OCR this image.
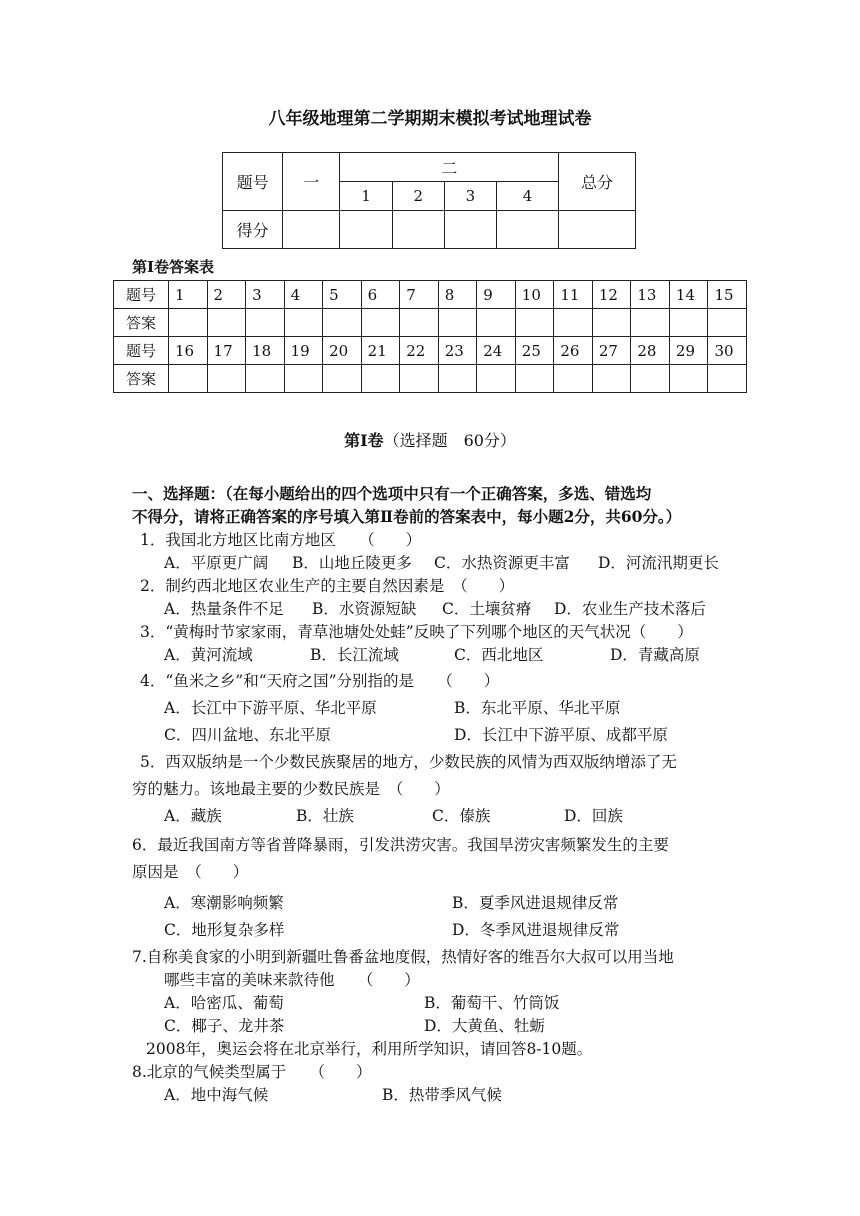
八年级地理第二学期期末模拟考试地理试卷
题号	一	二				总分
		1	2	3	4	
得分						
第Ⅰ卷答案表
题号	1	2	3	4	5	6	7	8	9	10	11	12	13	14	15
答案															
题号	16	17	18	19	20	21	22	23	24	25	26	27	28	29	30
答案															
第Ⅰ卷（选择题　60分）
一、选择题：（在每小题给出的四个选项中只有一个正确答案，多选、错选均
不得分，请将正确答案的序号填入第Ⅱ卷前的答案表中，每小题2分，共60分。）
1．我国北方地区比南方地区　　（　　）
A．平原更广阔 B．山地丘陵更多 C．水热资源更丰富 D．河流汛期更长
2．制约西北地区农业生产的主要自然因素是　（　　）
A．热量条件不足 B．水资源短缺 C．土壤贫瘠 D．农业生产技术落后
3．“黄梅时节家家雨，青草池塘处处蛙”反映了下列哪个地区的天气状况（　　）
A．黄河流域	B．长江流域	C．西北地区	D．青藏高原
4．“鱼米之乡”和“天府之国”分别指的是　　（　　）
A．长江中下游平原、华北平原	B．东北平原、华北平原
C．四川盆地、东北平原	D．长江中下游平原、成都平原
5．西双版纳是一个少数民族聚居的地方，少数民族的风情为西双版纳增添了无
穷的魅力。该地最主要的少数民族是　（　　）
A．藏族	B．壮族	C．傣族	D．回族
6．最近我国南方等省普降暴雨，引发洪涝灾害。我国旱涝灾害频繁发生的主要
原因是　（　　）
A．寒潮影响频繁	B．夏季风进退规律反常
C．地形复杂多样	D．冬季风进退规律反常
7.自称美食家的小明到新疆吐鲁番盆地度假，热情好客的维吾尔大叔可以用当地
哪些丰富的美味来款待他　　（　　）
A．哈密瓜、葡萄	B．葡萄干、竹筒饭
C．椰子、龙井茶	D．大黄鱼、牡蛎
2008年，奥运会将在北京举行，利用所学知识，请回答8-10题。
8.北京的气候类型属于　　（　　）
A．地中海气候	B．热带季风气候
